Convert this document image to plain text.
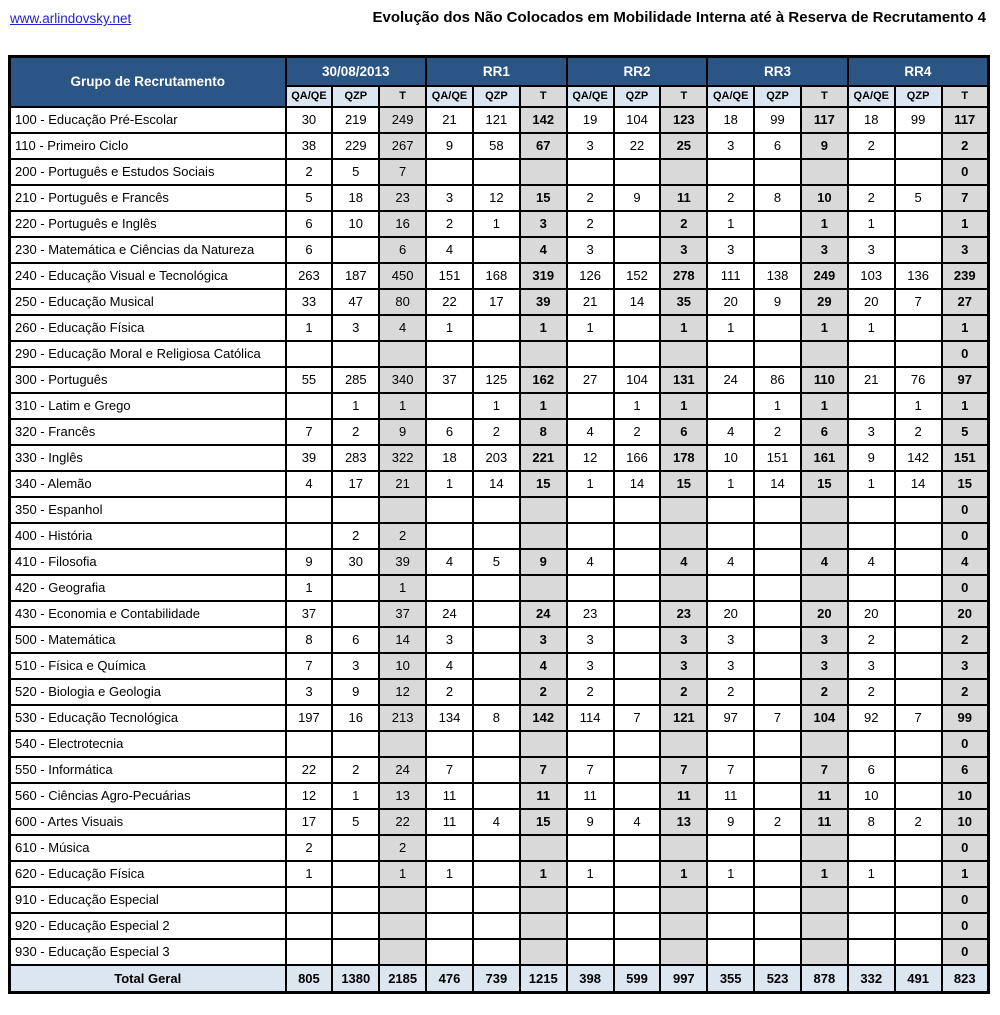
www.arlindovsky.net	Evolução dos Não Colocados em Mobilidade Interna até à Reserva de Recrutamento 4
Grupo de Recrutamento	30/08/2013			RR1			RR2			RR3			RR4		
	QA/QE	QZP	T	QA/QE	QZP	T	QA/QE	QZP	T	QA/QE	QZP	T	QA/QE	QZP	T
100 - Educação Pré-Escolar	30	219	249	21	121	142	19	104	123	18	99	117	18	99	117
110 - Primeiro Ciclo	38	229	267	9	58	67	3	22	25	3	6	9	2		2
200 - Português e Estudos Sociais	2	5	7												0
210 - Português e Francês	5	18	23	3	12	15	2	9	11	2	8	10	2	5	7
220 - Português e Inglês	6	10	16	2	1	3	2		2	1		1	1		1
230 - Matemática e Ciências da Natureza	6		6	4		4	3		3	3		3	3		3
240 - Educação Visual e Tecnológica	263	187	450	151	168	319	126	152	278	111	138	249	103	136	239
250 - Educação Musical	33	47	80	22	17	39	21	14	35	20	9	29	20	7	27
260 - Educação Física	1	3	4	1		1	1		1	1		1	1		1
290 - Educação Moral e Religiosa Católica															0
300 - Português	55	285	340	37	125	162	27	104	131	24	86	110	21	76	97
310 - Latim e Grego		1	1		1	1		1	1		1	1		1	1
320 - Francês	7	2	9	6	2	8	4	2	6	4	2	6	3	2	5
330 - Inglês	39	283	322	18	203	221	12	166	178	10	151	161	9	142	151
340 - Alemão	4	17	21	1	14	15	1	14	15	1	14	15	1	14	15
350 - Espanhol															0
400 - História		2	2												0
410 - Filosofia	9	30	39	4	5	9	4		4	4		4	4		4
420 - Geografia	1		1												0
430 - Economia e Contabilidade	37		37	24		24	23		23	20		20	20		20
500 - Matemática	8	6	14	3		3	3		3	3		3	2		2
510 - Física e Química	7	3	10	4		4	3		3	3		3	3		3
520 - Biologia e Geologia	3	9	12	2		2	2		2	2		2	2		2
530 - Educação Tecnológica	197	16	213	134	8	142	114	7	121	97	7	104	92	7	99
540 - Electrotecnia															0
550 - Informática	22	2	24	7		7	7		7	7		7	6		6
560 - Ciências Agro-Pecuárias	12	1	13	11		11	11		11	11		11	10		10
600 - Artes Visuais	17	5	22	11	4	15	9	4	13	9	2	11	8	2	10
610 - Música	2		2												0
620 - Educação Física	1		1	1		1	1		1	1		1	1		1
910 - Educação Especial															0
920 - Educação Especial 2															0
930 - Educação Especial 3															0
Total Geral	805	1380	2185	476	739	1215	398	599	997	355	523	878	332	491	823
